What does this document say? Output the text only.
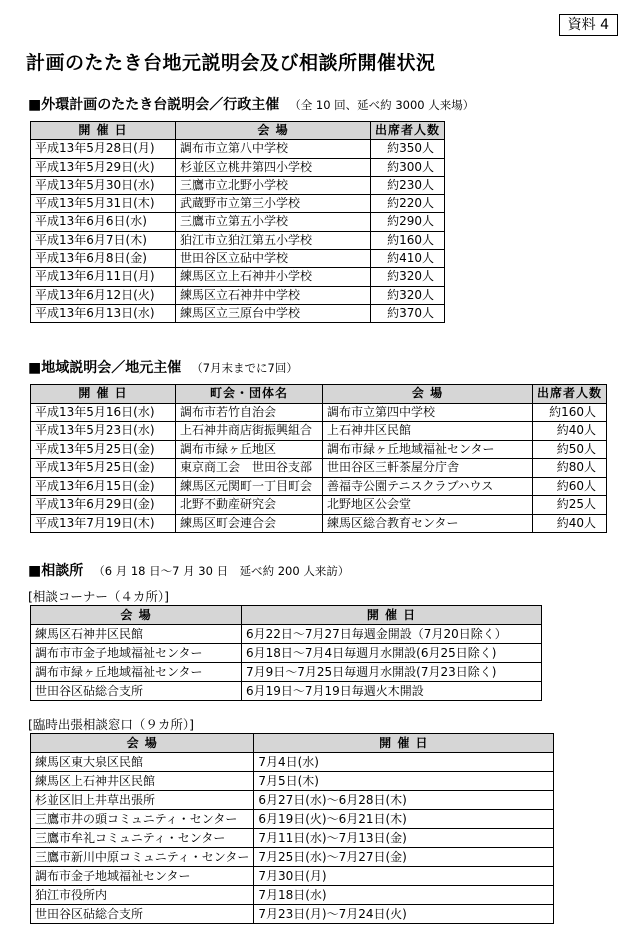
資料 4
計画のたたき台地元説明会及び相談所開催状況
■外環計画のたたき台説明会／行政主催 （全 10 回、延べ約 3000 人来場）
開 催 日	会 場	出席者人数
平成13年5月28日(月)	調布市立第八中学校	約350人
平成13年5月29日(火)	杉並区立桃井第四小学校	約300人
平成13年5月30日(水)	三鷹市立北野小学校	約230人
平成13年5月31日(木)	武蔵野市立第三小学校	約220人
平成13年6月6日(水)	三鷹市立第五小学校	約290人
平成13年6月7日(木)	狛江市立狛江第五小学校	約160人
平成13年6月8日(金)	世田谷区立砧中学校	約410人
平成13年6月11日(月)	練馬区立上石神井小学校	約320人
平成13年6月12日(火)	練馬区立石神井中学校	約320人
平成13年6月13日(水)	練馬区立三原台中学校	約370人
■地域説明会／地元主催 （7月末までに7回）
開 催 日	町会・団体名	会 場	出席者人数
平成13年5月16日(水)	調布市若竹自治会	調布市立第四中学校	約160人
平成13年5月23日(水)	上石神井商店街振興組合	上石神井区民館	約40人
平成13年5月25日(金)	調布市緑ヶ丘地区	調布市緑ヶ丘地域福祉センター	約50人
平成13年5月25日(金)	東京商工会　世田谷支部	世田谷区三軒茶屋分庁舎	約80人
平成13年6月15日(金)	練馬区元関町一丁目町会	善福寺公園テニスクラブハウス	約60人
平成13年6月29日(金)	北野不動産研究会	北野地区公会堂	約25人
平成13年7月19日(木)	練馬区町会連合会	練馬区総合教育センター	約40人
■相談所 （6 月 18 日～7 月 30 日　延べ約 200 人来訪）
[相談コーナー（４カ所）]
会 場	開 催 日
練馬区石神井区民館	6月22日～7月27日毎週金開設（7月20日除く）
調布市市金子地域福祉センター	6月18日～7月4日毎週月水開設(6月25日除く)
調布市緑ヶ丘地域福祉センター	7月9日～7月25日毎週月水開設(7月23日除く)
世田谷区砧総合支所	6月19日～7月19日毎週火木開設
[臨時出張相談窓口（９カ所）]
会 場	開 催 日
練馬区東大泉区民館	7月4日(水)
練馬区上石神井区民館	7月5日(木)
杉並区旧上井草出張所	6月27日(水)～6月28日(木)
三鷹市井の頭コミュニティ・センター	6月19日(火)～6月21日(木)
三鷹市牟礼コミュニティ・センター	7月11日(水)～7月13日(金)
三鷹市新川中原コミュニティ・センター	7月25日(水)～7月27日(金)
調布市金子地域福祉センター	7月30日(月)
狛江市役所内	7月18日(水)
世田谷区砧総合支所	7月23日(月)～7月24日(火)
